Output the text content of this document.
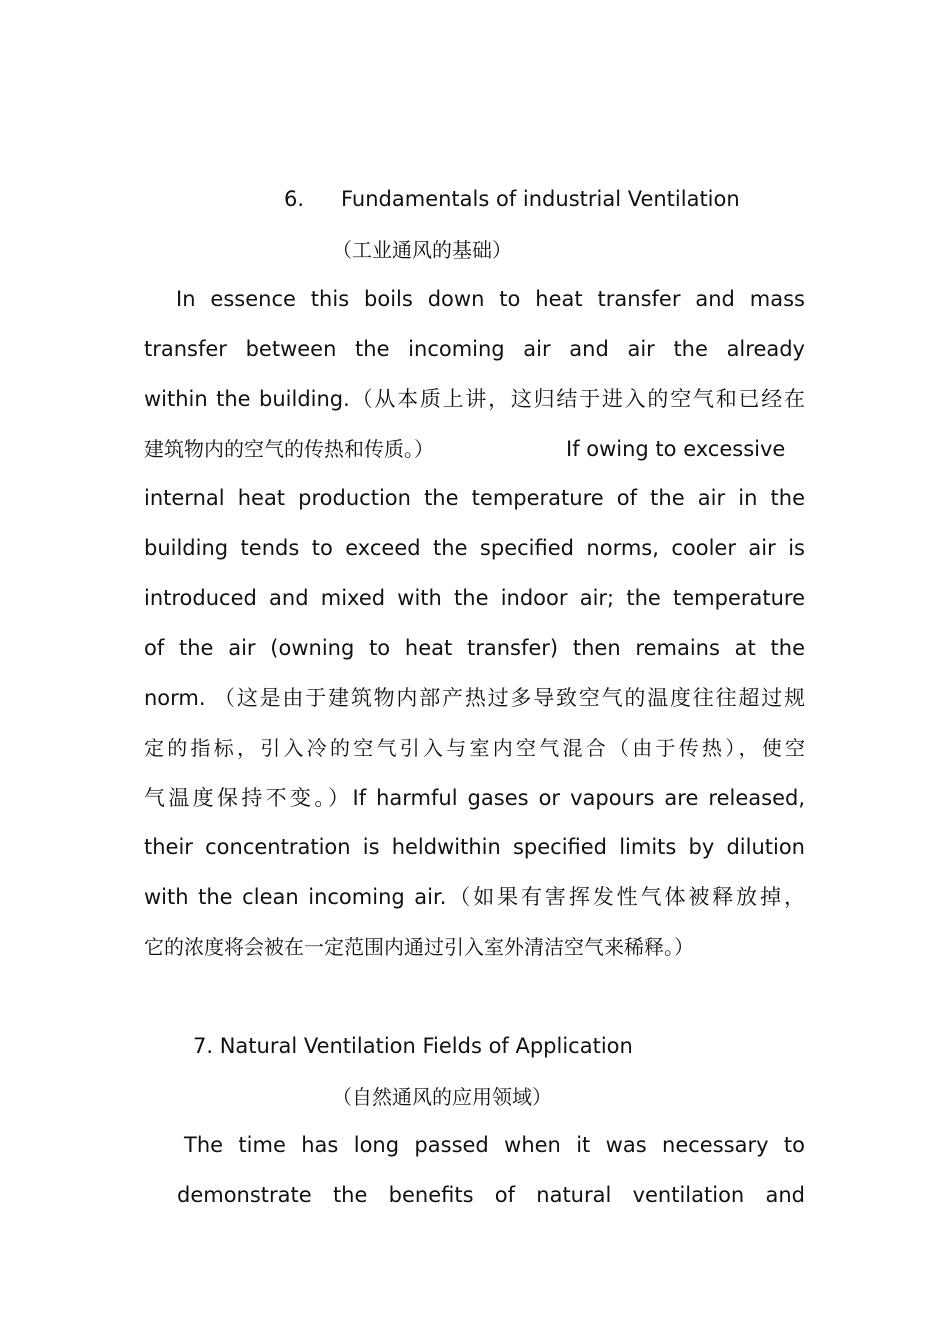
6. Fundamentals of industrial Ventilation
（工业通风的基础）
In essence this boils down to heat transfer and mass
transfer between the incoming air and air the already
within the building.（从本质上讲，这归结于进入的空气和已经在
建筑物内的空气的传热和传质。）	If owing to excessive
internal heat production the temperature of the air in the
building tends to exceed the specified norms, cooler air is
introduced and mixed with the indoor air; the temperature
of the air (owning to heat transfer) then remains at the
norm. （这是由于建筑物内部产热过多导致空气的温度往往超过规
定的指标，引入冷的空气引入与室内空气混合（由于传热），使空
气温度保持不变。）If harmful gases or vapours are released,
their concentration is heldwithin specified limits by dilution
with the clean incoming air.（如果有害挥发性气体被释放掉，
它的浓度将会被在一定范围内通过引入室外清洁空气来稀释。）
7. Natural Ventilation Fields of Application
（自然通风的应用领域）
The time has long passed when it was necessary to
demonstrate the benefits of natural ventilation and
